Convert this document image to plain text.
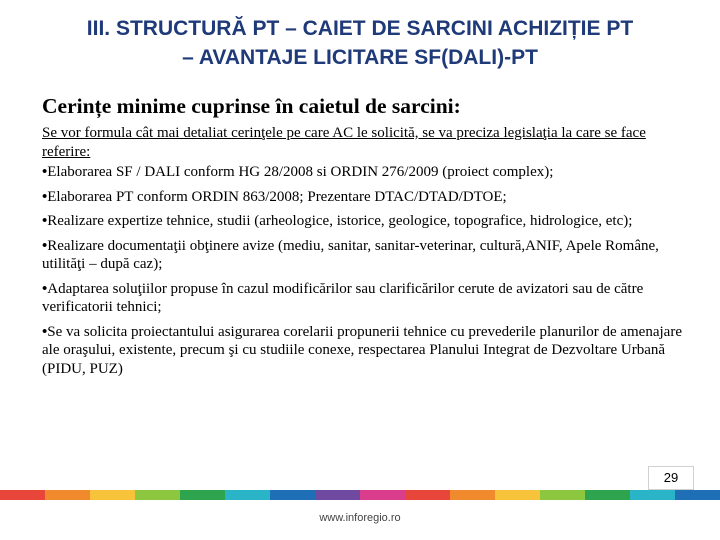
III. STRUCTURĂ PT – CAIET DE SARCINI ACHIZIȚIE PT
– AVANTAJE LICITARE SF(DALI)-PT
Cerințe minime cuprinse în caietul de sarcini:
Se vor formula cât mai detaliat cerinţele pe care AC le solicită, se va preciza legislaţia la care se face referire:
•Elaborarea SF / DALI conform HG 28/2008 si ORDIN 276/2009 (proiect complex);
•Elaborarea PT conform ORDIN 863/2008; Prezentare DTAC/DTAD/DTOE;
•Realizare expertize tehnice, studii (arheologice, istorice, geologice, topografice, hidrologice, etc);
•Realizare documentaţii obţinere avize (mediu, sanitar, sanitar-veterinar, cultură,ANIF, Apele Române, utilităţi – după caz);
•Adaptarea soluţiilor propuse în cazul modificărilor sau clarificărilor cerute de avizatori sau de către verificatorii tehnici;
•Se va solicita proiectantului asigurarea corelarii propunerii tehnice cu prevederile planurilor de amenajare ale oraşului, existente, precum şi cu studiile conexe, respectarea Planului Integrat de Dezvoltare Urbană (PIDU, PUZ)
29
www.inforegio.ro
